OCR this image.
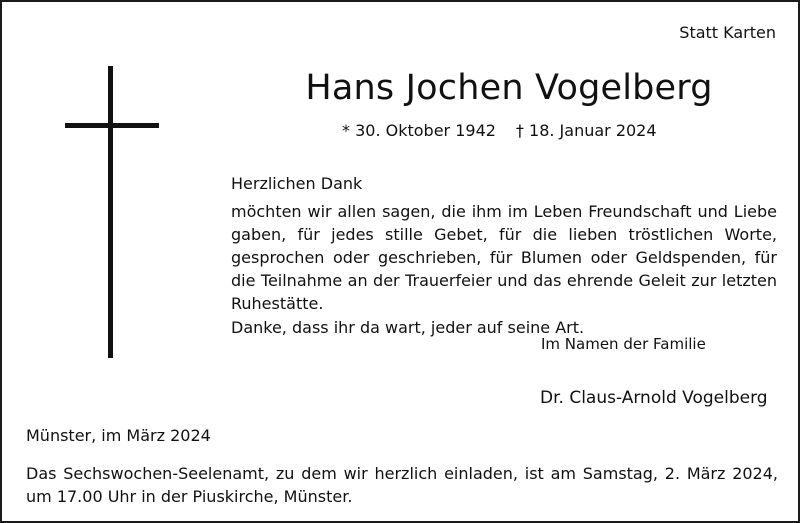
Statt Karten
Hans Jochen Vogelberg
* 30. Oktober 1942 † 18. Januar 2024
Herzlichen Dank
möchten wir allen sagen, die ihm im Leben Freundschaft und Liebe gaben, für jedes stille Gebet, für die lieben tröstlichen Worte, gesprochen oder geschrieben, für Blumen oder Geldspenden, für die Teilnahme an der Trauerfeier und das ehrende Geleit zur letzten Ruhestätte.
Danke, dass ihr da wart, jeder auf seine Art.
Im Namen der Familie
Dr. Claus-Arnold Vogelberg
Münster, im März 2024
Das Sechswochen-Seelenamt, zu dem wir herzlich einladen, ist am Samstag, 2. März 2024, um 17.00 Uhr in der Piuskirche, Münster.
